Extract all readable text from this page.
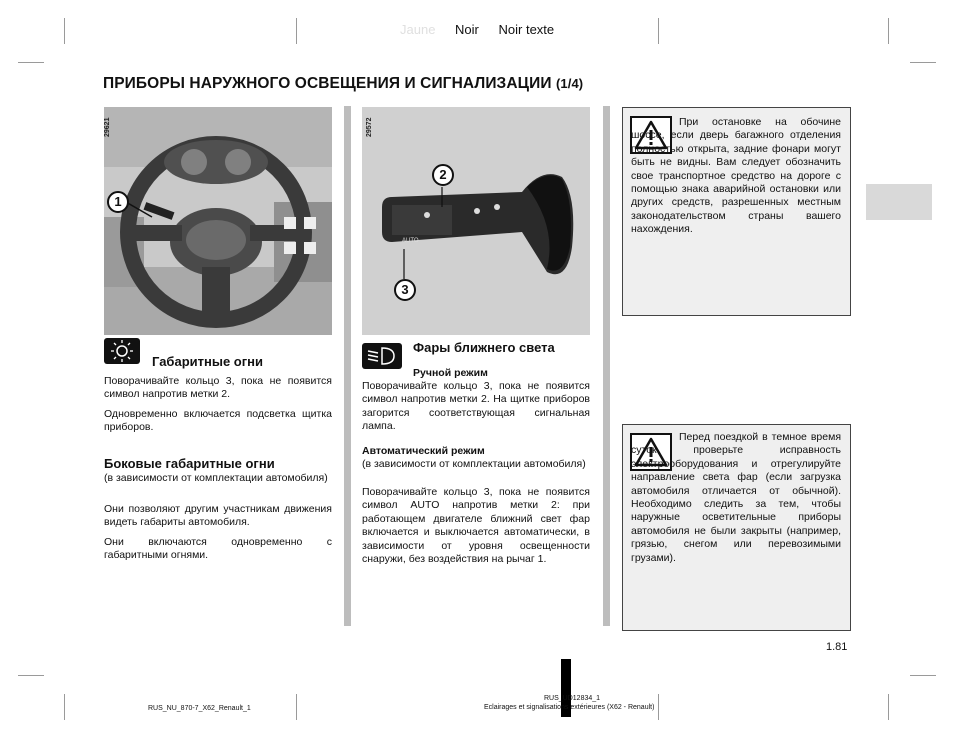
Jaune Noir Noir texte
ПРИБОРЫ НАРУЖНОГО ОСВЕЩЕНИЯ И СИГНАЛИЗАЦИИ (1/4)
29621
1
AUTO
29572
2
3
Габаритные огни
Поворачивайте кольцо 3, пока не появится символ напротив метки 2.
Одновременно включается подсветка щитка приборов.
Боковые габаритные огни
(в зависимости от комплектации автомобиля)
Они позволяют другим участникам движения видеть габариты автомобиля.
Они включаются одновременно с габаритными огнями.
Фары ближнего света
Ручной режим
Поворачивайте кольцо 3, пока не появится символ напротив метки 2. На щитке приборов загорится соответствующая сигнальная лампа.
Автоматический режим
(в зависимости от комплектации автомобиля)
Поворачивайте кольцо 3, пока не появится символ AUTO напротив метки 2: при работающем двигателе ближний свет фар включается и выключается автоматически, в зависимости от уровня освещенности снаружи, без воздействия на рычаг 1.
При остановке на обочине шоссе, если дверь багажного отделения полностью открыта, задние фонари могут быть не видны. Вам следует обозначить свое транспортное средство на дороге с помощью знака аварийной остановки или других средств, разрешенных местным законодательством страны вашего нахождения.
Перед поездкой в темное время суток проверьте исправность электрооборудования и отрегулируйте направление света фар (если загрузка автомобиля отличается от обычной). Необходимо следить за тем, чтобы наружные осветительные приборы автомобиля не были закрыты (например, грязью, снегом или перевозимыми грузами).
1.81
RUS_NU_870-7_X62_Renault_1
RUS_UD12834_1
Eclairages et signalisations extérieures (X62 - Renault)
